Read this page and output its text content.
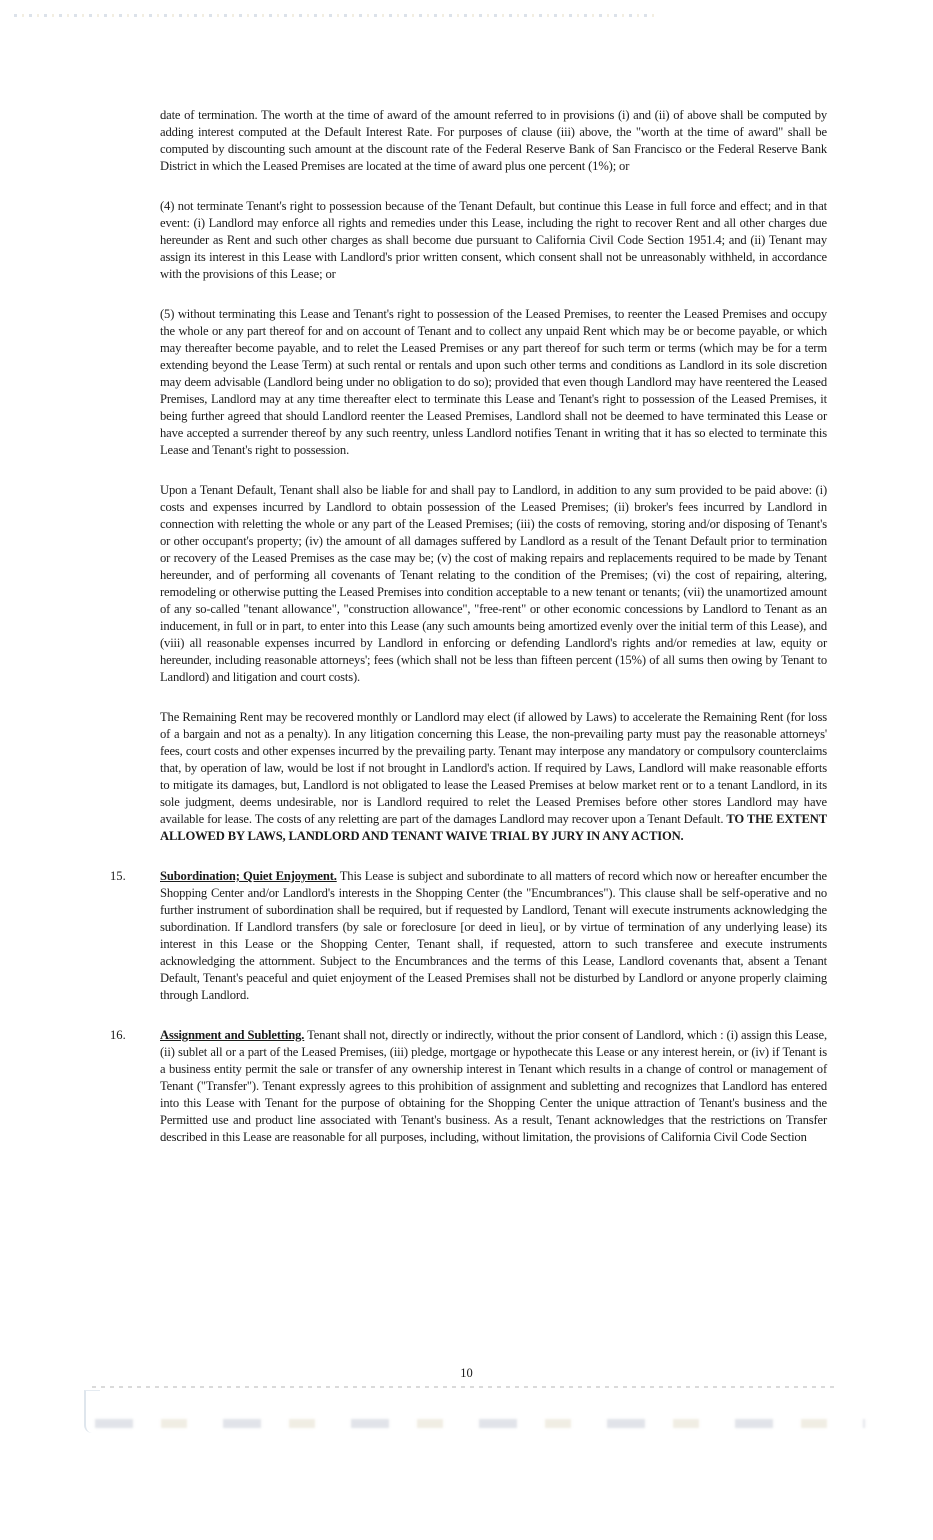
date of termination. The worth at the time of award of the amount referred to in provisions (i) and (ii) of above shall be computed by adding interest computed at the Default Interest Rate. For purposes of clause (iii) above, the "worth at the time of award" shall be computed by discounting such amount at the discount rate of the Federal Reserve Bank of San Francisco or the Federal Reserve Bank District in which the Leased Premises are located at the time of award plus one percent (1%); or

(4) not terminate Tenant's right to possession because of the Tenant Default, but continue this Lease in full force and effect; and in that event: (i) Landlord may enforce all rights and remedies under this Lease, including the right to recover Rent and all other charges due hereunder as Rent and such other charges as shall become due pursuant to California Civil Code Section 1951.4; and (ii) Tenant may assign its interest in this Lease with Landlord's prior written consent, which consent shall not be unreasonably withheld, in accordance with the provisions of this Lease; or

(5) without terminating this Lease and Tenant's right to possession of the Leased Premises, to reenter the Leased Premises and occupy the whole or any part thereof for and on account of Tenant and to collect any unpaid Rent which may be or become payable, or which may thereafter become payable, and to relet the Leased Premises or any part thereof for such term or terms (which may be for a term extending beyond the Lease Term) at such rental or rentals and upon such other terms and conditions as Landlord in its sole discretion may deem advisable (Landlord being under no obligation to do so); provided that even though Landlord may have reentered the Leased Premises, Landlord may at any time thereafter elect to terminate this Lease and Tenant's right to possession of the Leased Premises, it being further agreed that should Landlord reenter the Leased Premises, Landlord shall not be deemed to have terminated this Lease or have accepted a surrender thereof by any such reentry, unless Landlord notifies Tenant in writing that it has so elected to terminate this Lease and Tenant's right to possession.

Upon a Tenant Default, Tenant shall also be liable for and shall pay to Landlord, in addition to any sum provided to be paid above: (i) costs and expenses incurred by Landlord to obtain possession of the Leased Premises; (ii) broker's fees incurred by Landlord in connection with reletting the whole or any part of the Leased Premises; (iii) the costs of removing, storing and/or disposing of Tenant's or other occupant's property; (iv) the amount of all damages suffered by Landlord as a result of the Tenant Default prior to termination or recovery of the Leased Premises as the case may be; (v) the cost of making repairs and replacements required to be made by Tenant hereunder, and of performing all covenants of Tenant relating to the condition of the Premises; (vi) the cost of repairing, altering, remodeling or otherwise putting the Leased Premises into condition acceptable to a new tenant or tenants; (vii) the unamortized amount of any so-called "tenant allowance", "construction allowance", "free-rent" or other economic concessions by Landlord to Tenant as an inducement, in full or in part, to enter into this Lease (any such amounts being amortized evenly over the initial term of this Lease), and (viii) all reasonable expenses incurred by Landlord in enforcing or defending Landlord's rights and/or remedies at law, equity or hereunder, including reasonable attorneys'; fees (which shall not be less than fifteen percent (15%) of all sums then owing by Tenant to Landlord) and litigation and court costs).

The Remaining Rent may be recovered monthly or Landlord may elect (if allowed by Laws) to accelerate the Remaining Rent (for loss of a bargain and not as a penalty). In any litigation concerning this Lease, the non-prevailing party must pay the reasonable attorneys' fees, court costs and other expenses incurred by the prevailing party. Tenant may interpose any mandatory or compulsory counterclaims that, by operation of law, would be lost if not brought in Landlord's action. If required by Laws, Landlord will make reasonable efforts to mitigate its damages, but, Landlord is not obligated to lease the Leased Premises at below market rent or to a tenant Landlord, in its sole judgment, deems undesirable, nor is Landlord required to relet the Leased Premises before other stores Landlord may have available for lease. The costs of any reletting are part of the damages Landlord may recover upon a Tenant Default. TO THE EXTENT ALLOWED BY LAWS, LANDLORD AND TENANT WAIVE TRIAL BY JURY IN ANY ACTION.

15.	Subordination; Quiet Enjoyment. This Lease is subject and subordinate to all matters of record which now or hereafter encumber the Shopping Center and/or Landlord's interests in the Shopping Center (the "Encumbrances"). This clause shall be self-operative and no further instrument of subordination shall be required, but if requested by Landlord, Tenant will execute instruments acknowledging the subordination. If Landlord transfers (by sale or foreclosure [or deed in lieu], or by virtue of termination of any underlying lease) its interest in this Lease or the Shopping Center, Tenant shall, if requested, attorn to such transferee and execute instruments acknowledging the attornment. Subject to the Encumbrances and the terms of this Lease, Landlord covenants that, absent a Tenant Default, Tenant's peaceful and quiet enjoyment of the Leased Premises shall not be disturbed by Landlord or anyone properly claiming through Landlord.

16.	Assignment and Subletting. Tenant shall not, directly or indirectly, without the prior consent of Landlord, which : (i) assign this Lease, (ii) sublet all or a part of the Leased Premises, (iii) pledge, mortgage or hypothecate this Lease or any interest herein, or (iv) if Tenant is a business entity permit the sale or transfer of any ownership interest in Tenant which results in a change of control or management of Tenant ("Transfer"). Tenant expressly agrees to this prohibition of assignment and subletting and recognizes that Landlord has entered into this Lease with Tenant for the purpose of obtaining for the Shopping Center the unique attraction of Tenant's business and the Permitted use and product line associated with Tenant's business. As a result, Tenant acknowledges that the restrictions on Transfer described in this Lease are reasonable for all purposes, including, without limitation, the provisions of California Civil Code Section

10
